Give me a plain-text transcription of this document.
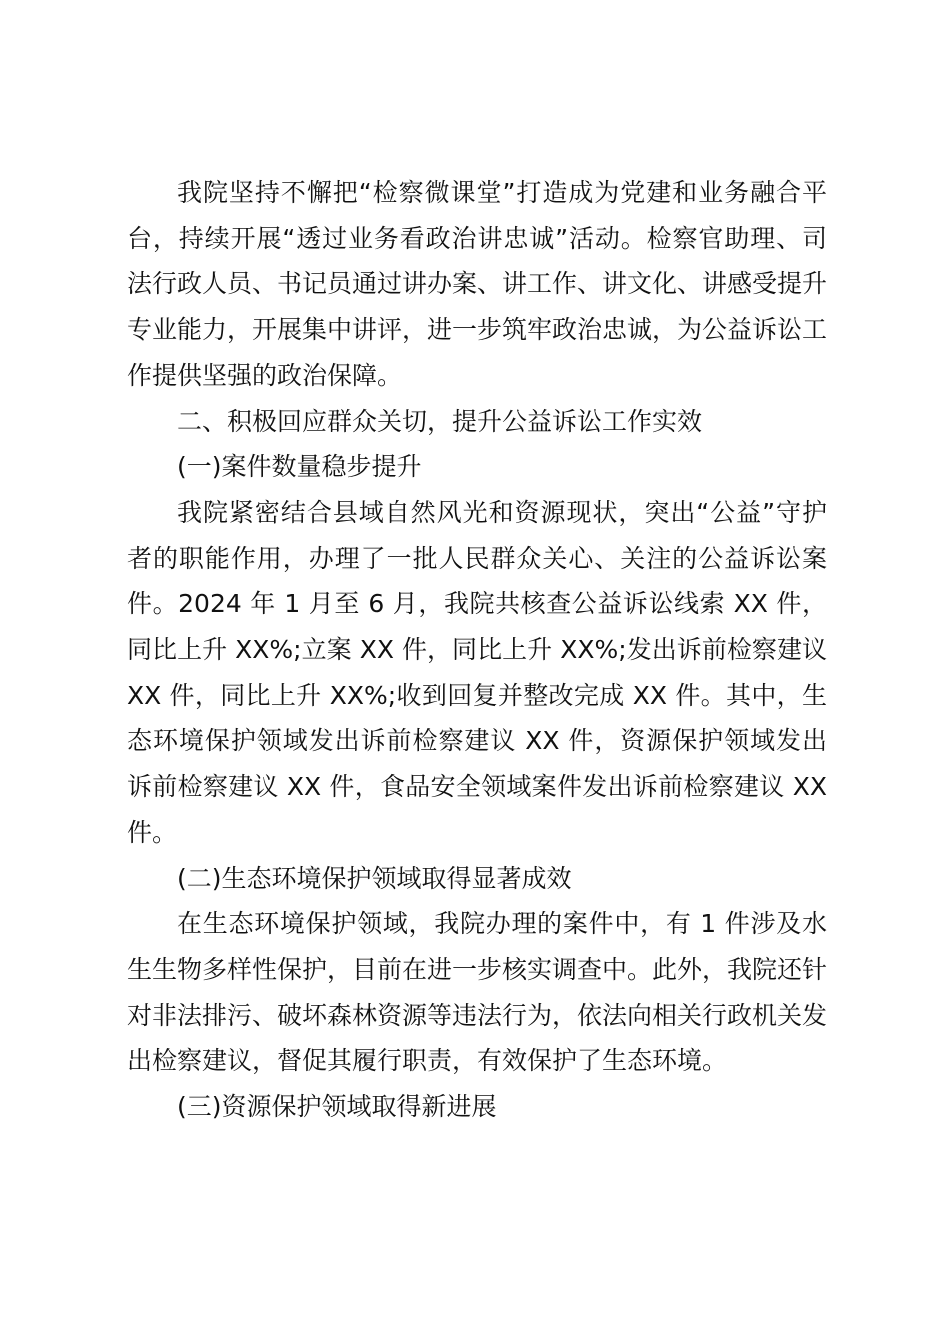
我院坚持不懈把“检察微课堂”打造成为党建和业务融合平台，持续开展“透过业务看政治讲忠诚”活动。检察官助理、司法行政人员、书记员通过讲办案、讲工作、讲文化、讲感受提升专业能力，开展集中讲评，进一步筑牢政治忠诚，为公益诉讼工作提供坚强的政治保障。

二、积极回应群众关切，提升公益诉讼工作实效

(一)案件数量稳步提升

我院紧密结合县域自然风光和资源现状，突出“公益”守护者的职能作用，办理了一批人民群众关心、关注的公益诉讼案件。2024 年 1 月至 6 月，我院共核查公益诉讼线索 XX 件，同比上升 XX%;立案 XX 件，同比上升 XX%;发出诉前检察建议 XX 件，同比上升 XX%;收到回复并整改完成 XX 件。其中，生态环境保护领域发出诉前检察建议 XX 件，资源保护领域发出诉前检察建议 XX 件，食品安全领域案件发出诉前检察建议 XX 件。

(二)生态环境保护领域取得显著成效

在生态环境保护领域，我院办理的案件中，有 1 件涉及水生生物多样性保护，目前在进一步核实调查中。此外，我院还针对非法排污、破坏森林资源等违法行为，依法向相关行政机关发出检察建议，督促其履行职责，有效保护了生态环境。

(三)资源保护领域取得新进展
